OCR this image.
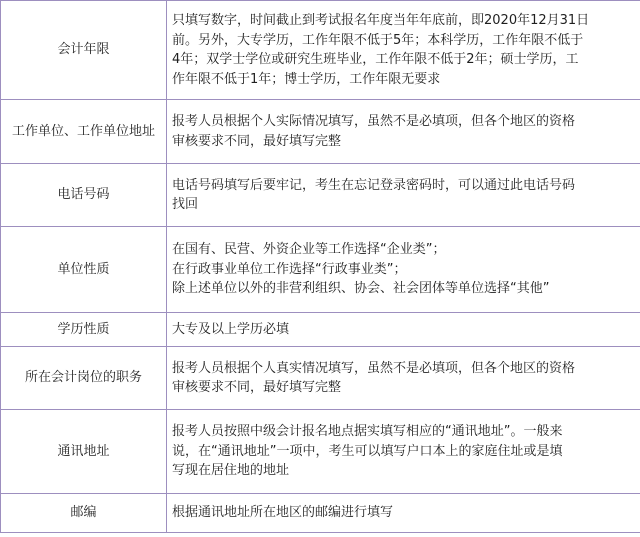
会计年限	只填写数字，时间截止到考试报名年度当年年底前，即2020年12月31日
前。另外，大专学历，工作年限不低于5年；本科学历，工作年限不低于
4年；双学士学位或研究生班毕业，工作年限不低于2年；硕士学历，工
作年限不低于1年；博士学历，工作年限无要求

工作单位、工作单位地址	报考人员根据个人实际情况填写，虽然不是必填项，但各个地区的资格
审核要求不同，最好填写完整

电话号码	电话号码填写后要牢记，考生在忘记登录密码时，可以通过此电话号码
找回

单位性质	在国有、民营、外资企业等工作选择“企业类”；
在行政事业单位工作选择“行政事业类”；
除上述单位以外的非营利组织、协会、社会团体等单位选择“其他”

学历性质	大专及以上学历必填

所在会计岗位的职务	报考人员根据个人真实情况填写，虽然不是必填项，但各个地区的资格
审核要求不同，最好填写完整

通讯地址	报考人员按照中级会计报名地点据实填写相应的“通讯地址”。一般来
说，在“通讯地址”一项中，考生可以填写户口本上的家庭住址或是填
写现在居住地的地址

邮编	根据通讯地址所在地区的邮编进行填写
